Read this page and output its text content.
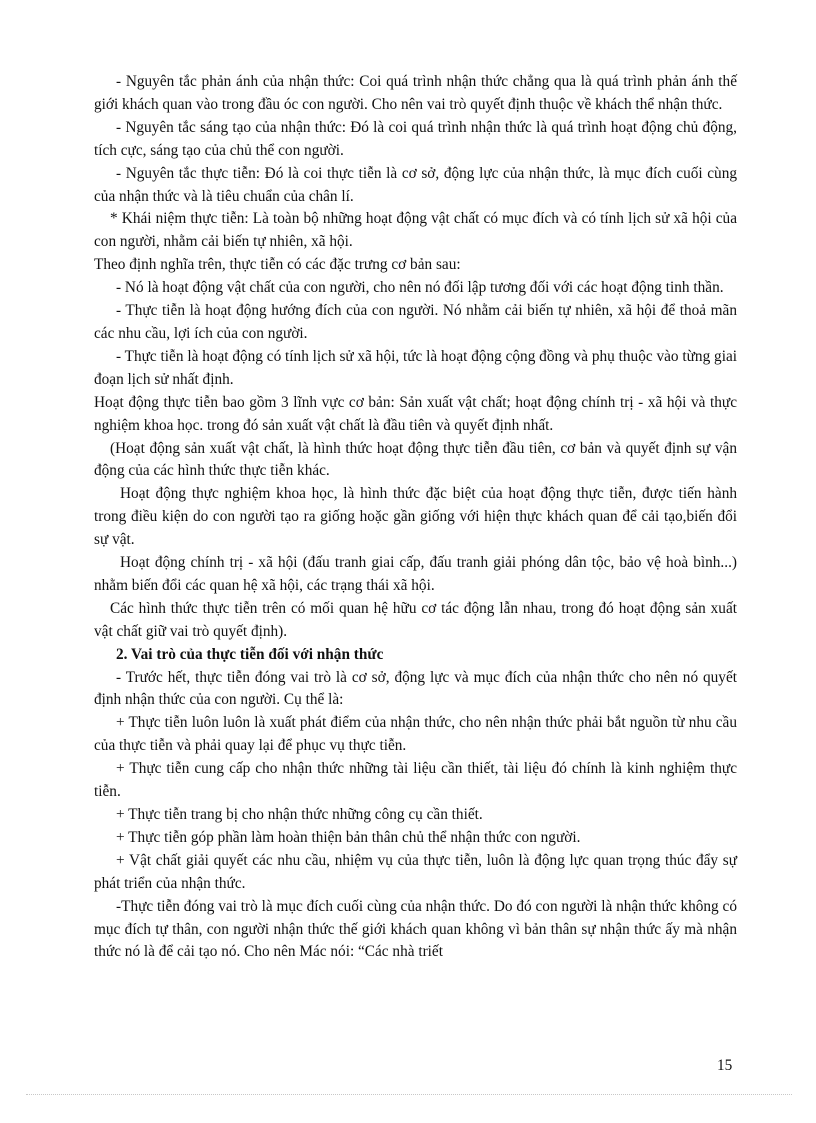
- Nguyên tắc phản ánh của nhận thức: Coi quá trình nhận thức chẳng qua là quá trình phản ánh thế giới khách quan vào trong đầu óc con người. Cho nên vai trò quyết định thuộc về khách thể nhận thức.

- Nguyên tắc sáng tạo của nhận thức: Đó là coi quá trình nhận thức là quá trình hoạt động chủ động, tích cực, sáng tạo của chủ thể con người.

- Nguyên tắc thực tiễn: Đó là coi thực tiễn là cơ sở, động lực của nhận thức, là mục đích cuối cùng của nhận thức và là tiêu chuẩn của chân lí.

* Khái niệm thực tiễn: Là toàn bộ những hoạt động vật chất có mục đích và có tính lịch sử xã hội của con người, nhằm cải biến tự nhiên, xã hội.

Theo định nghĩa trên, thực tiễn có các đặc trưng cơ bản sau:

- Nó là hoạt động vật chất của con người, cho nên nó đối lập tương đối với các hoạt động tinh thần.

- Thực tiễn là hoạt động hướng đích của con người. Nó nhằm cải biến tự nhiên, xã hội để thoả mãn các nhu cầu, lợi ích của con người.

- Thực tiễn là hoạt động có tính lịch sử xã hội, tức là hoạt động cộng đồng và phụ thuộc vào từng giai đoạn lịch sử nhất định.

Hoạt động thực tiễn bao gồm 3 lĩnh vực cơ bản: Sản xuất vật chất; hoạt động chính trị - xã hội và thực nghiệm khoa học. trong đó sản xuất vật chất là đầu tiên và quyết định nhất.

(Hoạt động sản xuất vật chất, là hình thức hoạt động thực tiễn đầu tiên, cơ bản và quyết định sự vận động của các hình thức thực tiễn khác.

Hoạt động thực nghiệm khoa học, là hình thức đặc biệt của hoạt động thực tiễn, được tiến hành trong điều kiện do con người tạo ra giống hoặc gần giống với hiện thực khách quan để cải tạo,biến đổi sự vật.

Hoạt động chính trị - xã hội (đấu tranh giai cấp, đấu tranh giải phóng dân tộc, bảo vệ hoà bình...) nhằm biến đổi các quan hệ xã hội, các trạng thái xã hội.

Các hình thức thực tiễn trên có mối quan hệ hữu cơ tác động lẫn nhau, trong đó hoạt động sản xuất vật chất giữ vai trò quyết định).

2. Vai trò của thực tiễn đối với nhận thức

- Trước hết, thực tiễn đóng vai trò là cơ sở, động lực và mục đích của nhận thức cho nên nó quyết định nhận thức của con người. Cụ thể là:

+ Thực tiễn luôn luôn là xuất phát điểm của nhận thức, cho nên nhận thức phải bắt nguồn từ nhu cầu của thực tiễn và phải quay lại để phục vụ thực tiễn.

+ Thực tiễn cung cấp cho nhận thức những tài liệu cần thiết, tài liệu đó chính là kinh nghiệm thực tiễn.

+ Thực tiễn trang bị cho nhận thức những công cụ cần thiết.

+ Thực tiễn góp phần làm hoàn thiện bản thân chủ thể nhận thức con người.

+ Vật chất giải quyết các nhu cầu, nhiệm vụ của thực tiễn, luôn là động lực quan trọng thúc đẩy sự phát triển của nhận thức.

-Thực tiễn đóng vai trò là mục đích cuối cùng của nhận thức. Do đó con người là nhận thức không có mục đích tự thân, con người nhận thức thế giới khách quan không vì bản thân sự nhận thức ấy mà nhận thức nó là để cải tạo nó. Cho nên Mác nói: “Các nhà triết

15
